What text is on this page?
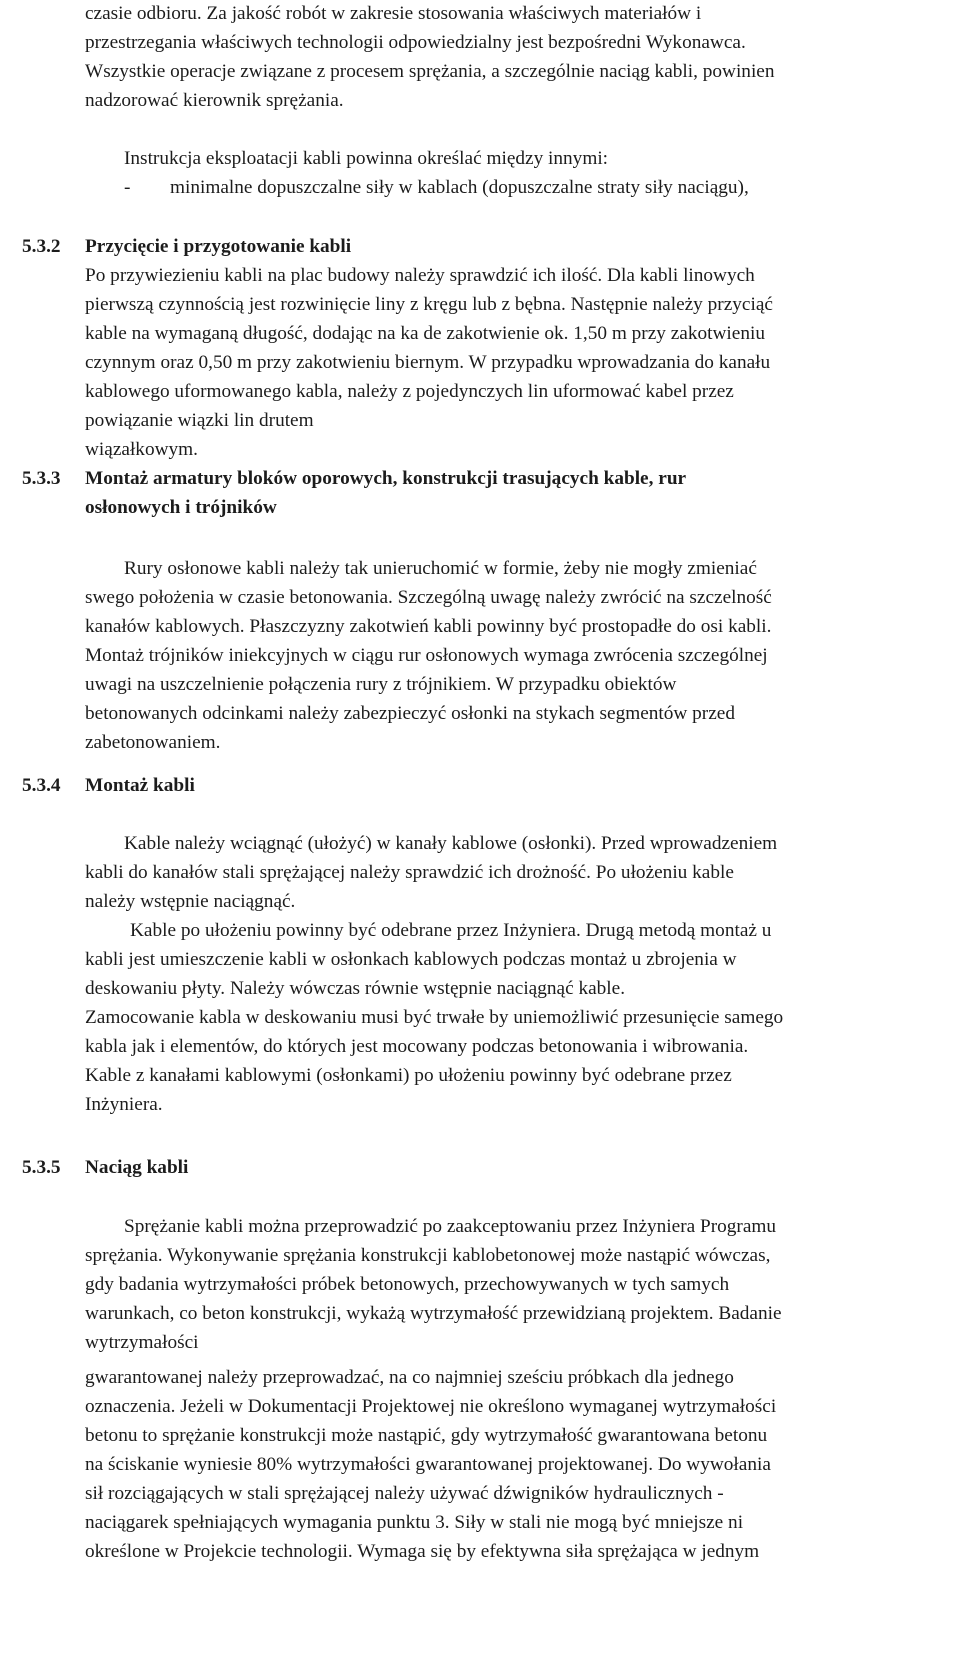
czasie odbioru. Za jakość robót w zakresie stosowania właściwych materiałów i
przestrzegania właściwych technologii odpowiedzialny jest bezpośredni Wykonawca.
Wszystkie operacje związane z procesem sprężania, a szczególnie naciąg kabli, powinien
nadzorować kierownik sprężania.
Instrukcja eksploatacji kabli powinna określać między innymi:
- minimalne dopuszczalne siły w kablach (dopuszczalne straty siły naciągu),
5.3.2 Przycięcie i przygotowanie kabli
Po przywiezieniu kabli na plac budowy należy sprawdzić ich ilość. Dla kabli linowych
pierwszą czynnością jest rozwinięcie liny z kręgu lub z bębna. Następnie należy przyciąć
kable na wymaganą długość, dodając na ka de zakotwienie ok. 1,50 m przy zakotwieniu
czynnym oraz 0,50 m przy zakotwieniu biernym. W przypadku wprowadzania do kanału
kablowego uformowanego kabla, należy z pojedynczych lin uformować kabel przez
powiązanie wiązki lin drutem
wiązałkowym.
5.3.3 Montaż armatury bloków oporowych, konstrukcji trasujących kable, rur
osłonowych i trójników
Rury osłonowe kabli należy tak unieruchomić w formie, żeby nie mogły zmieniać
swego położenia w czasie betonowania. Szczególną uwagę należy zwrócić na szczelność
kanałów kablowych. Płaszczyzny zakotwień kabli powinny być prostopadłe do osi kabli.
Montaż trójników iniekcyjnych w ciągu rur osłonowych wymaga zwrócenia szczególnej
uwagi na uszczelnienie połączenia rury z trójnikiem. W przypadku obiektów
betonowanych odcinkami należy zabezpieczyć osłonki na stykach segmentów przed
zabetonowaniem.
5.3.4 Montaż kabli
Kable należy wciągnąć (ułożyć) w kanały kablowe (osłonki). Przed wprowadzeniem
kabli do kanałów stali sprężającej należy sprawdzić ich drożność. Po ułożeniu kable
należy wstępnie naciągnąć.
Kable po ułożeniu powinny być odebrane przez Inżyniera. Drugą metodą montaż u
kabli jest umieszczenie kabli w osłonkach kablowych podczas montaż u zbrojenia w
deskowaniu płyty. Należy wówczas równie wstępnie naciągnąć kable.
Zamocowanie kabla w deskowaniu musi być trwałe by uniemożliwić przesunięcie samego
kabla jak i elementów, do których jest mocowany podczas betonowania i wibrowania.
Kable z kanałami kablowymi (osłonkami) po ułożeniu powinny być odebrane przez
Inżyniera.
5.3.5 Naciąg kabli
Sprężanie kabli można przeprowadzić po zaakceptowaniu przez Inżyniera Programu
sprężania. Wykonywanie sprężania konstrukcji kablobetonowej może nastąpić wówczas,
gdy badania wytrzymałości próbek betonowych, przechowywanych w tych samych
warunkach, co beton konstrukcji, wykażą wytrzymałość przewidzianą projektem. Badanie
wytrzymałości
gwarantowanej należy przeprowadzać, na co najmniej sześciu próbkach dla jednego
oznaczenia. Jeżeli w Dokumentacji Projektowej nie określono wymaganej wytrzymałości
betonu to sprężanie konstrukcji może nastąpić, gdy wytrzymałość gwarantowana betonu
na ściskanie wyniesie 80% wytrzymałości gwarantowanej projektowanej. Do wywołania
sił rozciągających w stali sprężającej należy używać dźwigników hydraulicznych -
naciągarek spełniających wymagania punktu 3. Siły w stali nie mogą być mniejsze ni
określone w Projekcie technologii. Wymaga się by efektywna siła sprężająca w jednym
